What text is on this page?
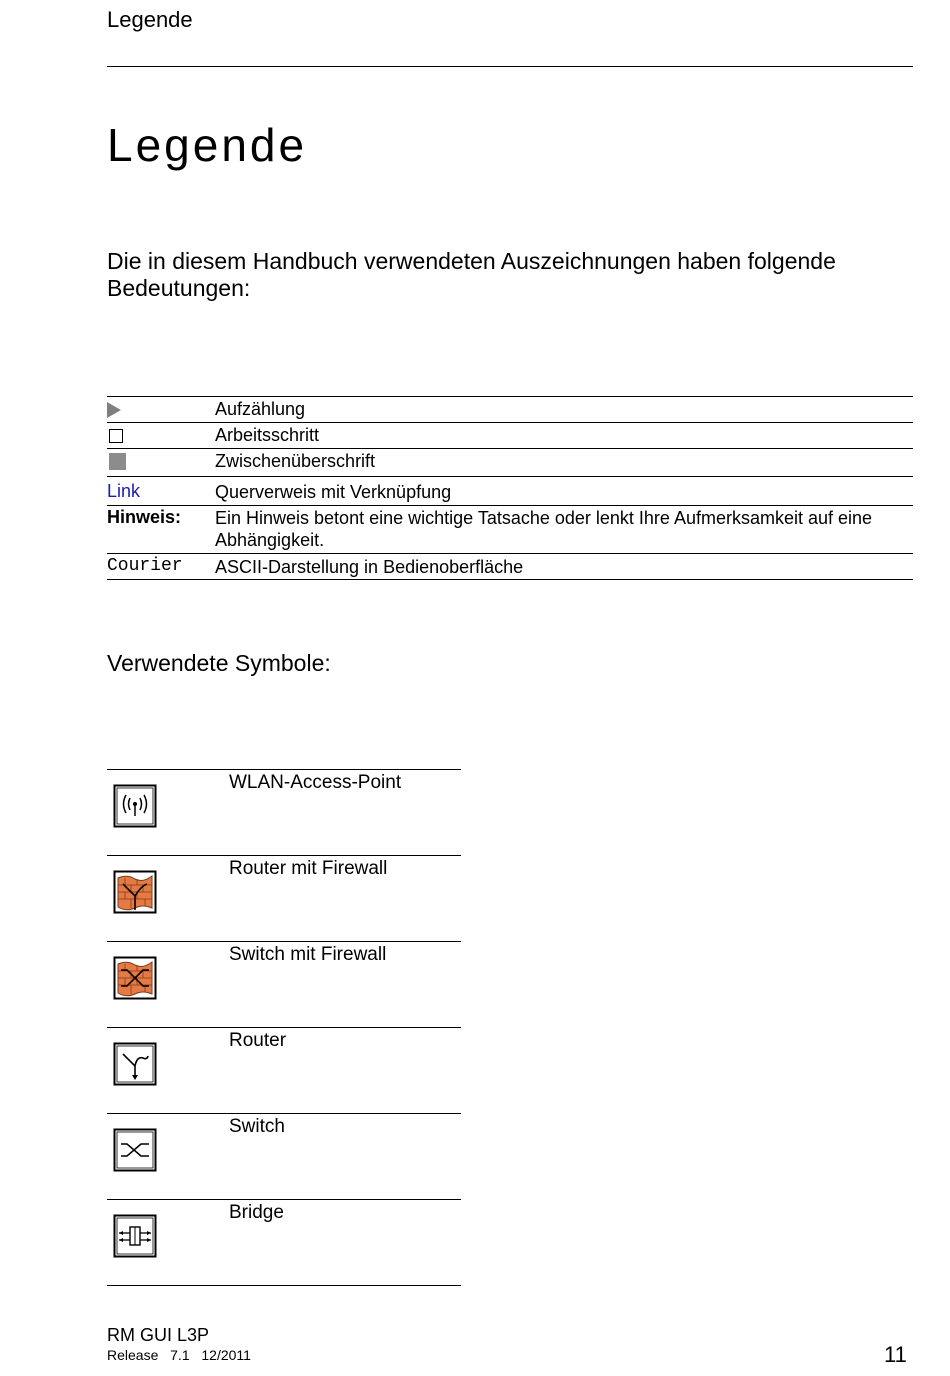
Legende
Legende
Die in diesem Handbuch verwendeten Auszeichnungen haben folgende Bedeutungen:
Aufzählung
Arbeitsschritt
Zwischenüberschrift
Link	Querverweis mit Verknüpfung
Hinweis: Ein Hinweis betont eine wichtige Tatsache oder lenkt Ihre Aufmerksamkeit auf eine Abhängigkeit.
Courier ASCII-Darstellung in Bedienoberfläche
Verwendete Symbole:
WLAN-Access-Point
Router mit Firewall
Switch mit Firewall
Router
Switch
Bridge
RM GUI L3P
Release  7.1  12/2011	11
